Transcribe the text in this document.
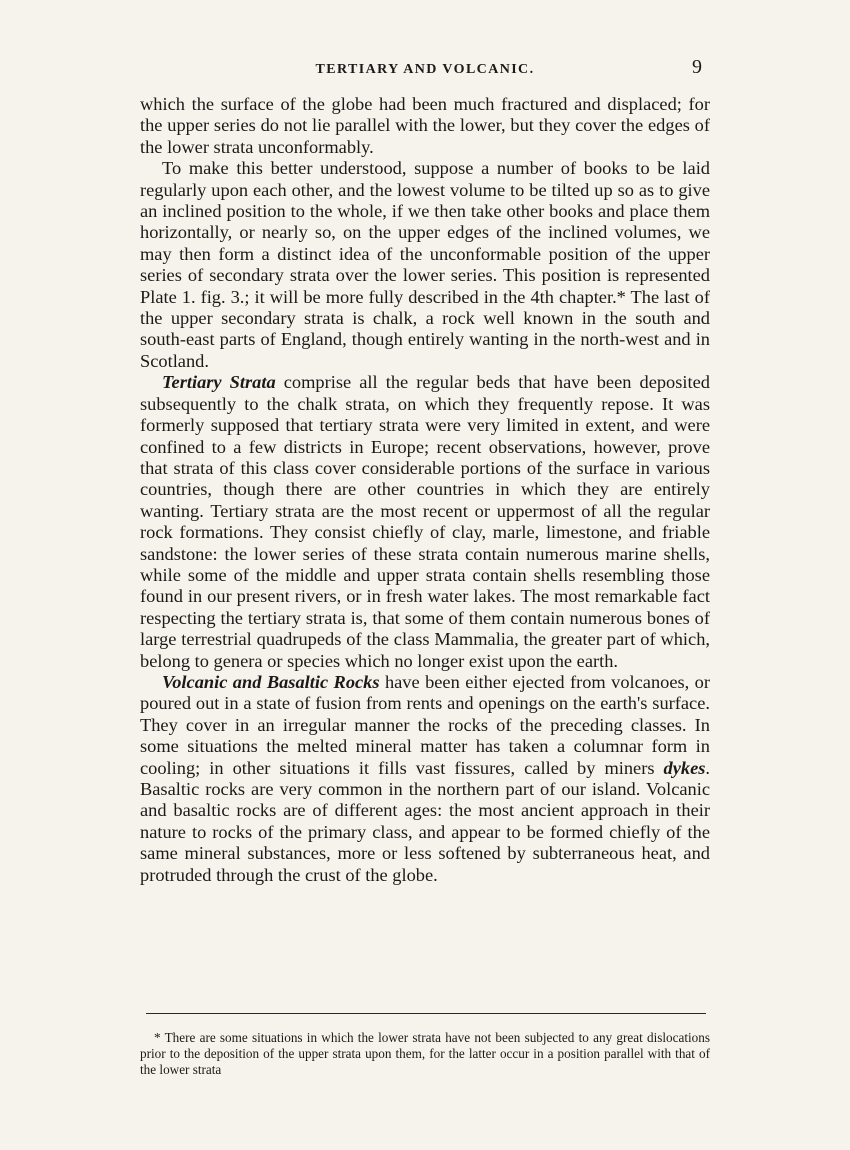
TERTIARY AND VOLCANIC.	9

which the surface of the globe had been much fractured and displaced; for the upper series do not lie parallel with the lower, but they cover the edges of the lower strata unconformably.

To make this better understood, suppose a number of books to be laid regularly upon each other, and the lowest volume to be tilted up so as to give an inclined position to the whole, if we then take other books and place them horizontally, or nearly so, on the upper edges of the inclined volumes, we may then form a distinct idea of the unconformable position of the upper series of secondary strata over the lower series. This position is represented Plate 1. fig. 3.; it will be more fully described in the 4th chapter.* The last of the upper secondary strata is chalk, a rock well known in the south and south-east parts of England, though entirely wanting in the north-west and in Scotland.

Tertiary Strata comprise all the regular beds that have been deposited subsequently to the chalk strata, on which they frequently repose. It was formerly supposed that tertiary strata were very limited in extent, and were confined to a few districts in Europe; recent observations, however, prove that strata of this class cover considerable portions of the surface in various countries, though there are other countries in which they are entirely wanting. Tertiary strata are the most recent or uppermost of all the regular rock formations. They consist chiefly of clay, marle, limestone, and friable sandstone: the lower series of these strata contain numerous marine shells, while some of the middle and upper strata contain shells resembling those found in our present rivers, or in fresh water lakes. The most remarkable fact respecting the tertiary strata is, that some of them contain numerous bones of large terrestrial quadrupeds of the class Mammalia, the greater part of which, belong to genera or species which no longer exist upon the earth.

Volcanic and Basaltic Rocks have been either ejected from volcanoes, or poured out in a state of fusion from rents and openings on the earth's surface. They cover in an irregular manner the rocks of the preceding classes. In some situations the melted mineral matter has taken a columnar form in cooling; in other situations it fills vast fissures, called by miners dykes. Basaltic rocks are very common in the northern part of our island. Volcanic and basaltic rocks are of different ages: the most ancient approach in their nature to rocks of the primary class, and appear to be formed chiefly of the same mineral substances, more or less softened by subterraneous heat, and protruded through the crust of the globe.

* There are some situations in which the lower strata have not been subjected to any great dislocations prior to the deposition of the upper strata upon them, for the latter occur in a position parallel with that of the lower strata
